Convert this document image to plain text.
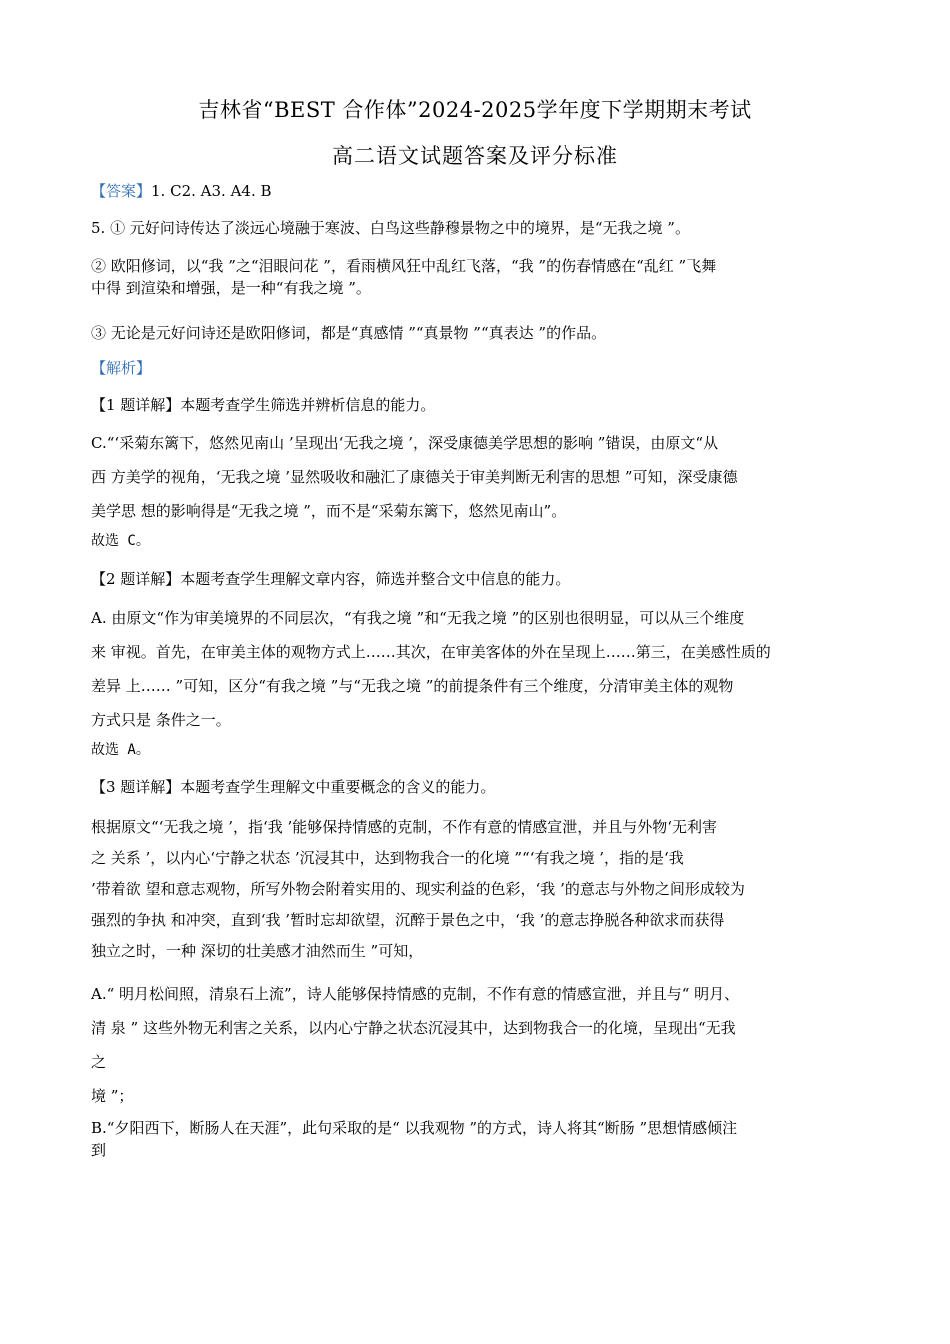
吉林省“BEST 合作体”2024-2025学年度下学期期末考试
高二语文试题答案及评分标准
【答案】1. C2. A3. A4. B
5. ① 元好问诗传达了淡远心境融于寒波、白鸟这些静穆景物之中的境界，是“无我之境 ”。
② 欧阳修词，以“我 ”之“泪眼问花 ”，看雨横风狂中乱红飞落，“我 ”的伤春情感在“乱红 ”飞舞
中得 到渲染和增强，是一种“有我之境 ”。
③ 无论是元好问诗还是欧阳修词，都是“真感情 ”“真景物 ”“真表达 ”的作品。
【解析】
【1 题详解】本题考查学生筛选并辨析信息的能力。
C.“‘采菊东篱下，悠然见南山 ’呈现出‘无我之境 ’，深受康德美学思想的影响 ”错误，由原文“从
西 方美学的视角，‘无我之境 ’显然吸收和融汇了康德关于审美判断无利害的思想 ”可知，深受康德
美学思 想的影响得是“无我之境 ”，而不是“采菊东篱下，悠然见南山”。
故选 C。
【2 题详解】本题考查学生理解文章内容，筛选并整合文中信息的能力。
A. 由原文“作为审美境界的不同层次，“有我之境 ”和“无我之境 ”的区别也很明显，可以从三个维度
来 审视。首先，在审美主体的观物方式上……其次，在审美客体的外在呈现上……第三，在美感性质的
差异 上…… ”可知，区分“有我之境 ”与“无我之境 ”的前提条件有三个维度，分清审美主体的观物
方式只是 条件之一。
故选 A。
【3 题详解】本题考查学生理解文中重要概念的含义的能力。
根据原文“‘无我之境 ’，指‘我 ’能够保持情感的克制，不作有意的情感宣泄，并且与外物‘无利害
之 关系 ’，以内心‘宁静之状态 ’沉浸其中，达到物我合一的化境 ”“‘有我之境 ’，指的是‘我
’带着欲 望和意志观物，所写外物会附着实用的、现实利益的色彩，‘我 ’的意志与外物之间形成较为
强烈的争执 和冲突，直到‘我 ’暂时忘却欲望，沉醉于景色之中，‘我 ’的意志挣脱各种欲求而获得
独立之时，一种 深切的壮美感才油然而生 ”可知，
A.“ 明月松间照，清泉石上流”，诗人能够保持情感的克制，不作有意的情感宣泄，并且与“ 明月、
清 泉 ” 这些外物无利害之关系，以内心宁静之状态沉浸其中，达到物我合一的化境，呈现出“无我
之
境 ”；
B.“夕阳西下，断肠人在天涯”，此句采取的是“ 以我观物 ”的方式，诗人将其“断肠 ”思想情感倾注
到
